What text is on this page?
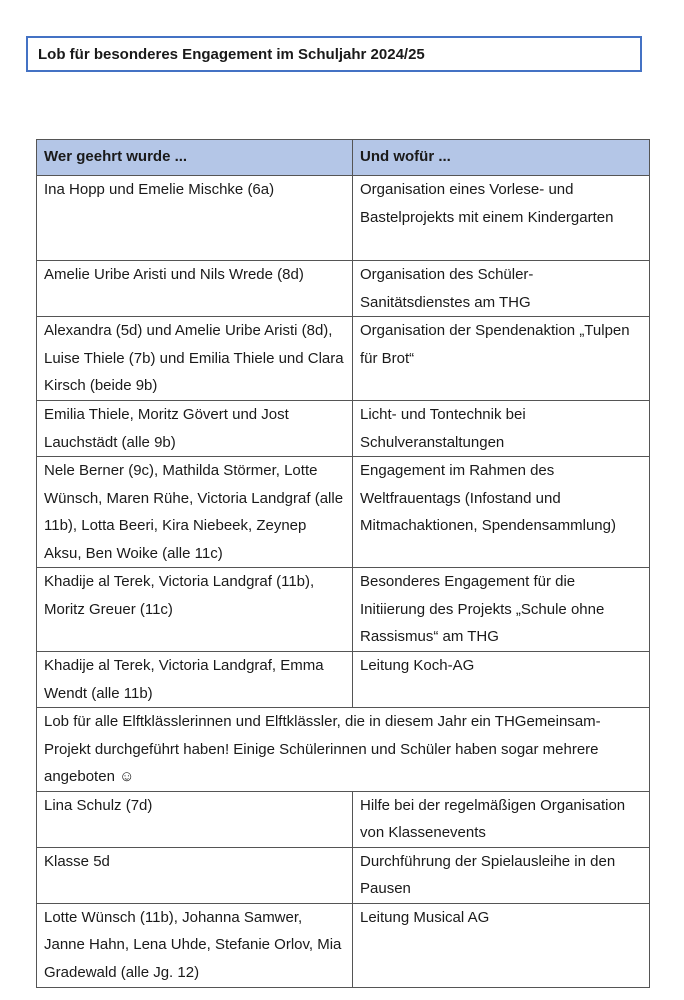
Lob für besonderes Engagement im Schuljahr 2024/25
Wer geehrt wurde ...	Und wofür ...
Ina Hopp und Emelie Mischke (6a)	Organisation eines Vorlese- und Bastelprojekts mit einem Kindergarten
Amelie Uribe Aristi und Nils Wrede (8d)	Organisation des Schüler-Sanitätsdienstes am THG
Alexandra (5d) und Amelie Uribe Aristi (8d), Luise Thiele (7b) und Emilia Thiele und Clara Kirsch (beide 9b)	Organisation der Spendenaktion „Tulpen für Brot“
Emilia Thiele, Moritz Gövert und Jost Lauchstädt (alle 9b)	Licht- und Tontechnik bei Schulveranstaltungen
Nele Berner (9c), Mathilda Störmer, Lotte Wünsch, Maren Rühe, Victoria Landgraf (alle 11b), Lotta Beeri, Kira Niebeek, Zeynep Aksu, Ben Woike (alle 11c)	Engagement im Rahmen des Weltfrauentags (Infostand und Mitmachaktionen, Spendensammlung)
Khadije al Terek, Victoria Landgraf (11b), Moritz Greuer (11c)	Besonderes Engagement für die Initiierung des Projekts „Schule ohne Rassismus“ am THG
Khadije al Terek, Victoria Landgraf, Emma Wendt (alle 11b)	Leitung Koch-AG
Lob für alle Elftklässlerinnen und Elftklässler, die in diesem Jahr ein THGemeinsam-Projekt durchgeführt haben! Einige Schülerinnen und Schüler haben sogar mehrere angeboten ☺	
Lina Schulz (7d)	Hilfe bei der regelmäßigen Organisation von Klassenevents
Klasse 5d	Durchführung der Spielausleihe in den Pausen
Lotte Wünsch (11b), Johanna Samwer, Janne Hahn, Lena Uhde, Stefanie Orlov, Mia Gradewald (alle Jg. 12)	Leitung Musical AG
